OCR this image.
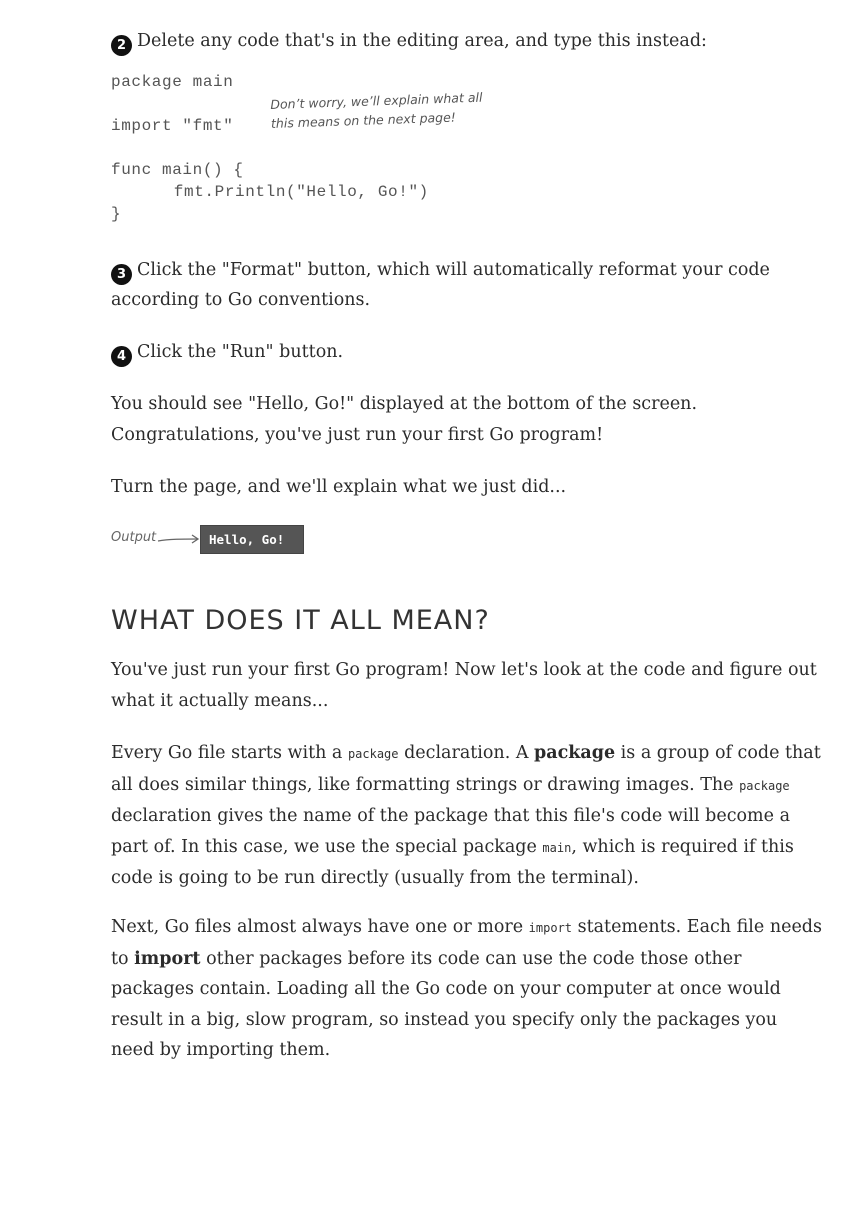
2 Delete any code that's in the editing area, and type this instead:

package main
import "fmt"
func main() {
fmt.Println("Hello, Go!")
}
Don’t worry, we’ll explain what all
this means on the next page!

3 Click the "Format" button, which will automatically reformat your code according to Go conventions.

4 Click the "Run" button.

You should see "Hello, Go!" displayed at the bottom of the screen. Congratulations, you've just run your first Go program!

Turn the page, and we'll explain what we just did...

Output	Hello, Go!
WHAT DOES IT ALL MEAN?

You've just run your first Go program! Now let's look at the code and figure out what it actually means...

Every Go file starts with a package declaration. A package is a group of code that all does similar things, like formatting strings or drawing images. The package declaration gives the name of the package that this file's code will become a part of. In this case, we use the special package main, which is required if this code is going to be run directly (usually from the terminal).

Next, Go files almost always have one or more import statements. Each file needs to import other packages before its code can use the code those other packages contain. Loading all the Go code on your computer at once would result in a big, slow program, so instead you specify only the packages you need by importing them.
